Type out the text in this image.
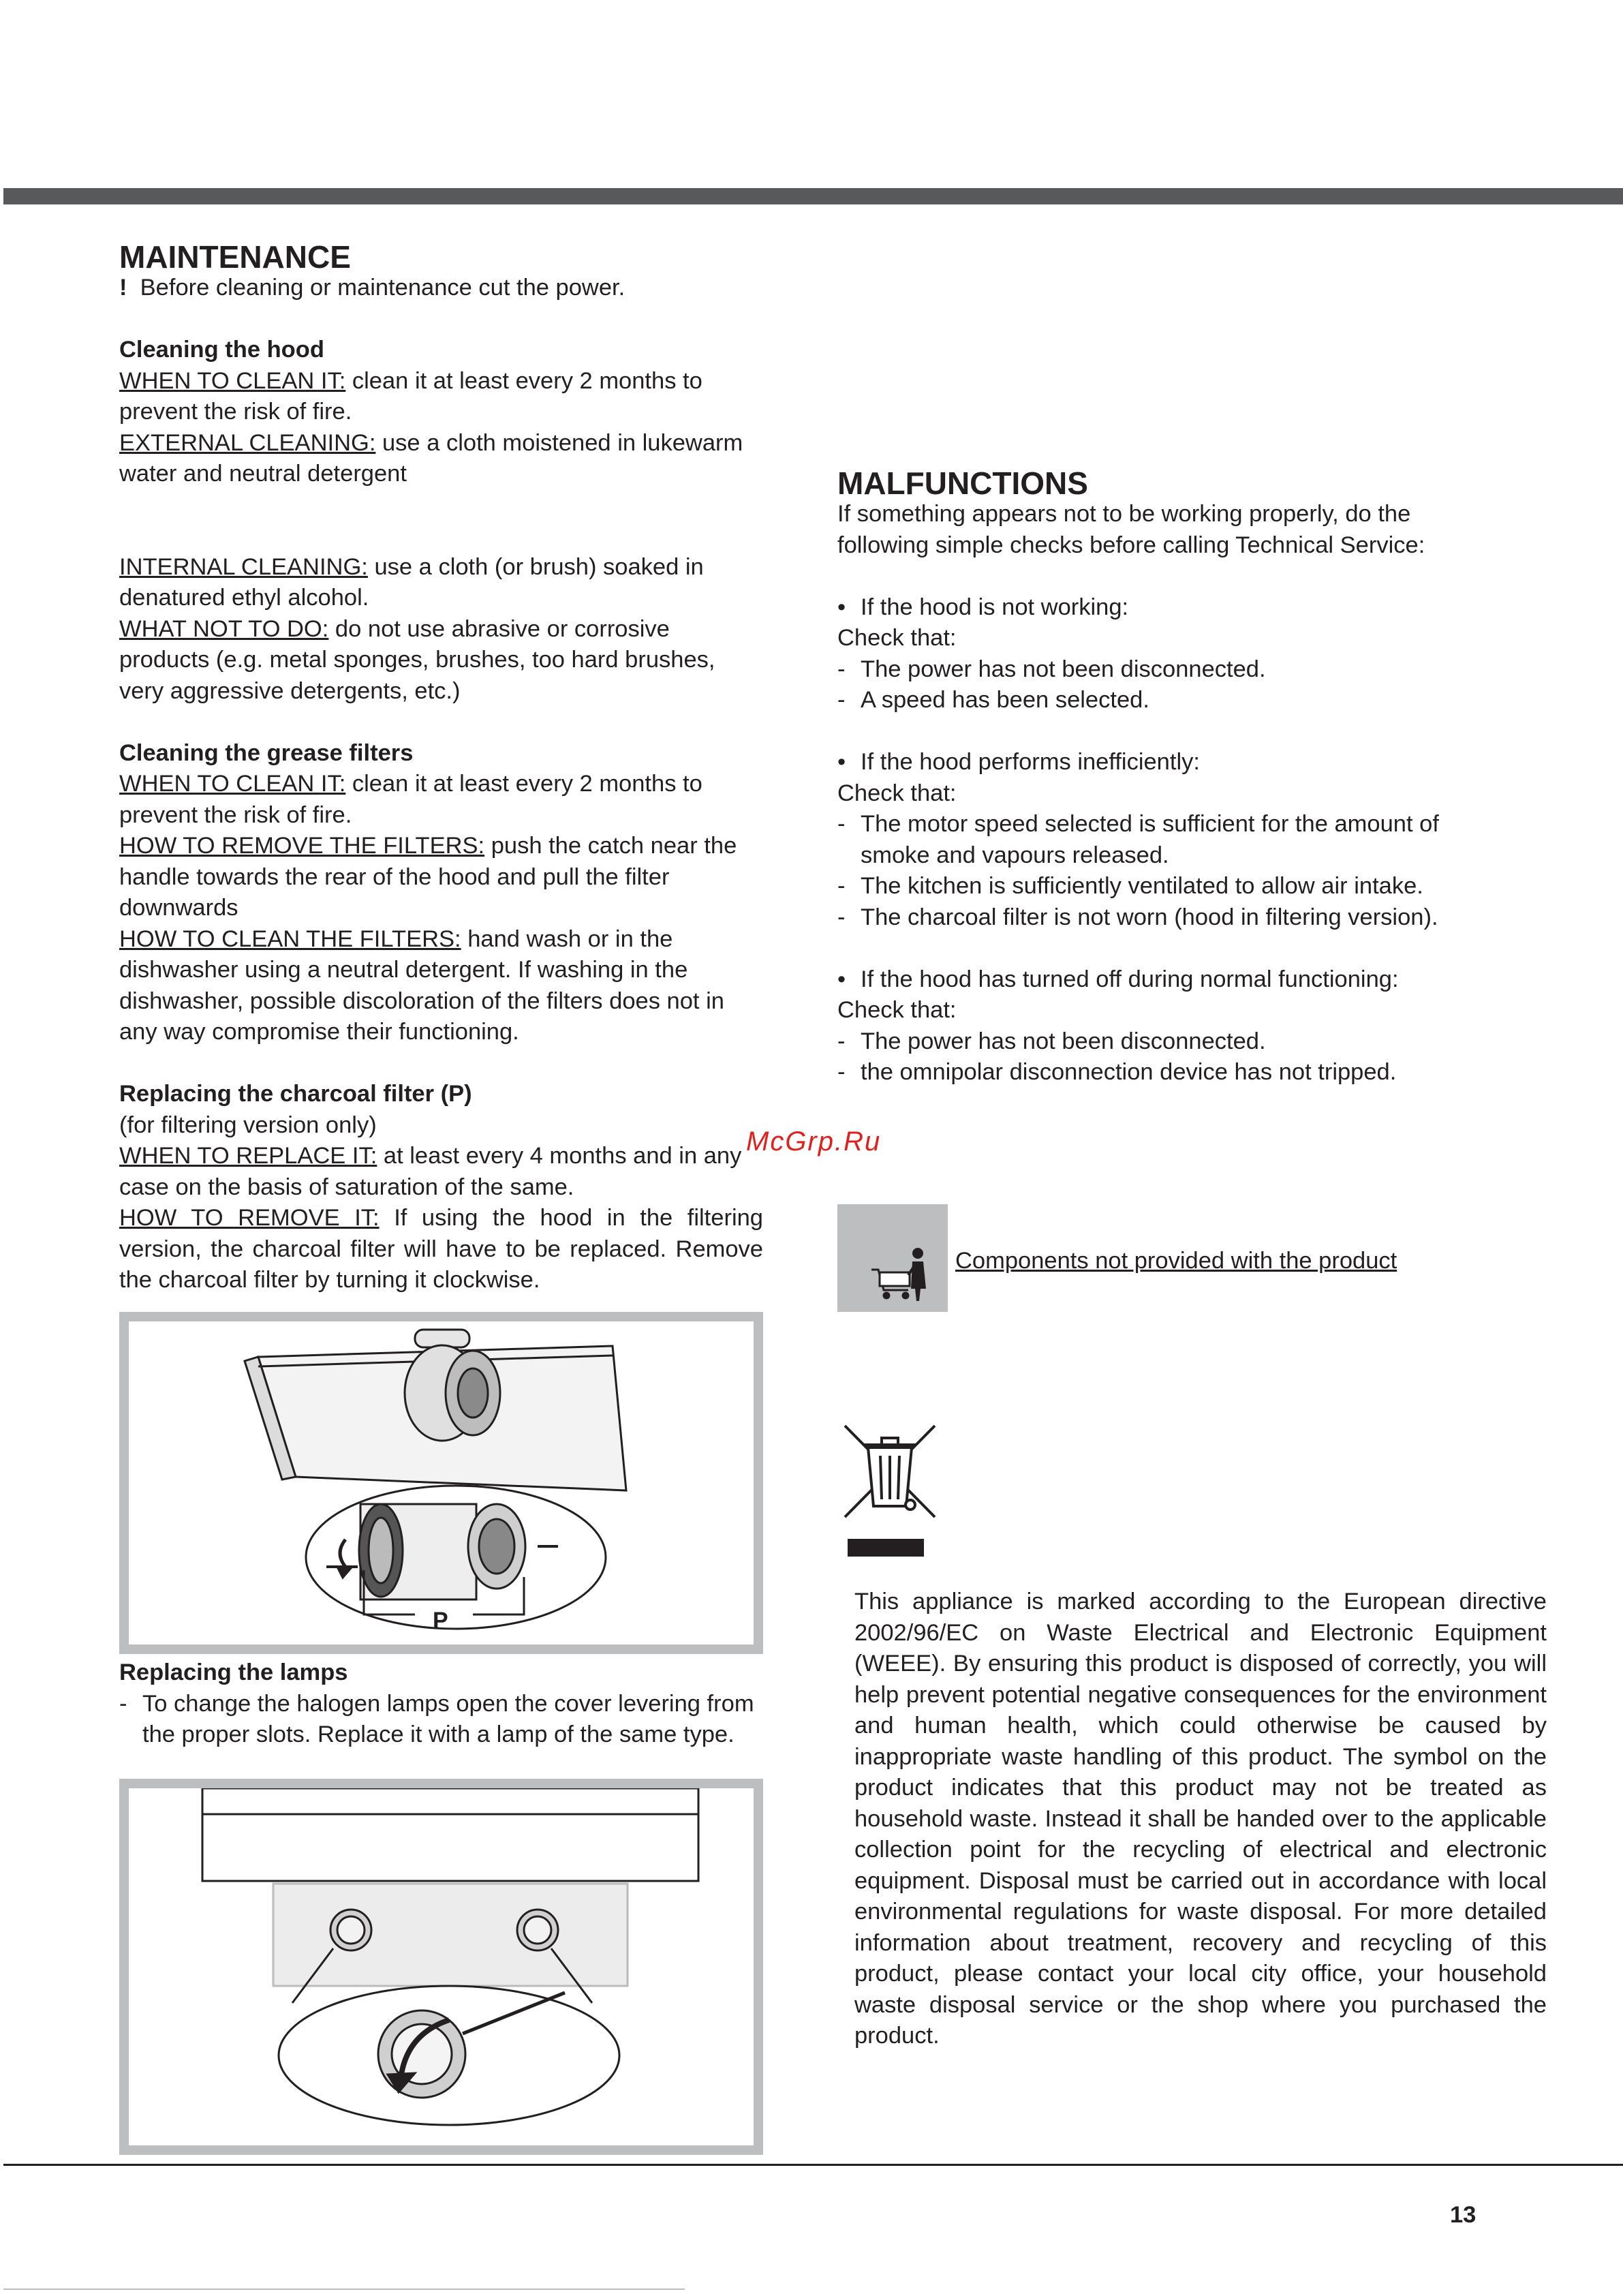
MAINTENANCE

! Before cleaning or maintenance cut the power.

Cleaning the hood

WHEN TO CLEAN IT: clean it at least every 2 months to prevent the risk of fire.

EXTERNAL CLEANING: use a cloth moistened in lukewarm water and neutral detergent

INTERNAL CLEANING: use a cloth (or brush) soaked in denatured ethyl alcohol.

WHAT NOT TO DO: do not use abrasive or corrosive products (e.g. metal sponges, brushes, too hard brushes, very aggressive detergents, etc.)

Cleaning the grease filters

WHEN TO CLEAN IT: clean it at least every 2 months to prevent the risk of fire.

HOW TO REMOVE THE FILTERS: push the catch near the handle towards the rear of the hood and pull the filter downwards

HOW TO CLEAN THE FILTERS: hand wash or in the dishwasher using a neutral detergent. If washing in the dishwasher, possible discoloration of the filters does not in any way compromise their functioning.

Replacing the charcoal filter (P)

(for filtering version only)

WHEN TO REPLACE IT: at least every 4 months and in any case on the basis of saturation of the same.

HOW TO REMOVE IT: If using the hood in the filtering version, the charcoal filter will have to be replaced. Remove the charcoal filter by turning it clockwise.

P
Replacing the lamps

- To change the halogen lamps open the cover levering from the proper slots. Replace it with a lamp of the same type.

MALFUNCTIONS

If something appears not to be working properly, do the following simple checks before calling Technical Service:

• If the hood is not working:

Check that:

- The power has not been disconnected.

- A speed has been selected.

• If the hood performs inefficiently:

Check that:

- The motor speed selected is sufficient for the amount of smoke and vapours released.

- The kitchen is sufficiently ventilated to allow air intake.

- The charcoal filter is not worn (hood in filtering version).

• If the hood has turned off during normal functioning:

Check that:

- The power has not been disconnected.

- the omnipolar disconnection device has not tripped.

McGrp.Ru
Components not provided with the product

This appliance is marked according to the European directive 2002/96/EC on Waste Electrical and Electronic Equipment (WEEE). By ensuring this product is disposed of correctly, you will help prevent potential negative consequences for the environment and human health, which could otherwise be caused by inappropriate waste handling of this product. The symbol on the product indicates that this product may not be treated as household waste. Instead it shall be handed over to the applicable collection point for the recycling of electrical and electronic equipment. Disposal must be carried out in accordance with local environmental regulations for waste disposal. For more detailed information about treatment, recovery and recycling of this product, please contact your local city office, your household waste disposal service or the shop where you purchased the product.

13
